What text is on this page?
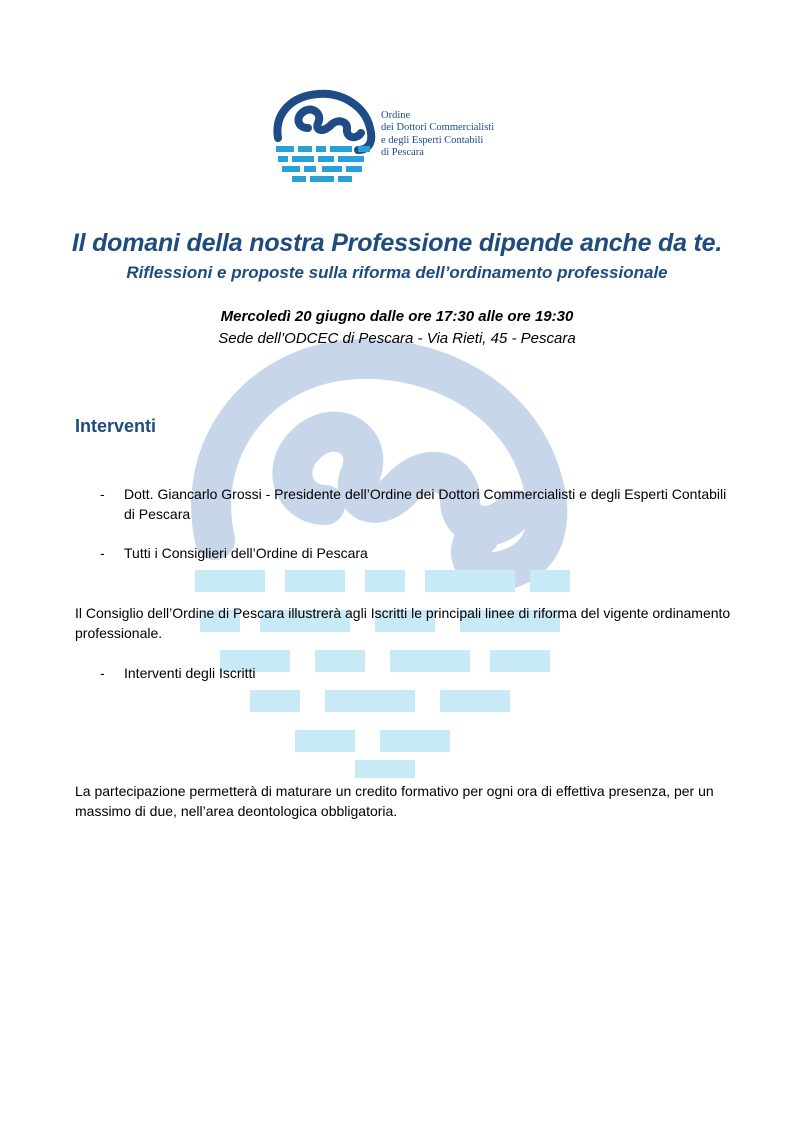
Ordine
dei Dottori Commercialisti
e degli Esperti Contabili
di Pescara
Il domani della nostra Professione dipende anche da te.
Riflessioni e proposte sulla riforma dell’ordinamento professionale
Mercoledì 20 giugno dalle ore 17:30 alle ore 19:30
Sede dell’ODCEC di Pescara - Via Rieti, 45 - Pescara
Interventi
- Dott. Giancarlo Grossi - Presidente dell’Ordine dei Dottori Commercialisti e degli Esperti Contabili di Pescara
- Tutti i Consiglieri dell’Ordine di Pescara
Il Consiglio dell’Ordine di Pescara illustrerà agli Iscritti le principali linee di riforma del vigente ordinamento professionale.
- Interventi degli Iscritti
La partecipazione permetterà di maturare un credito formativo per ogni ora di effettiva presenza, per un massimo di due, nell’area deontologica obbligatoria.
